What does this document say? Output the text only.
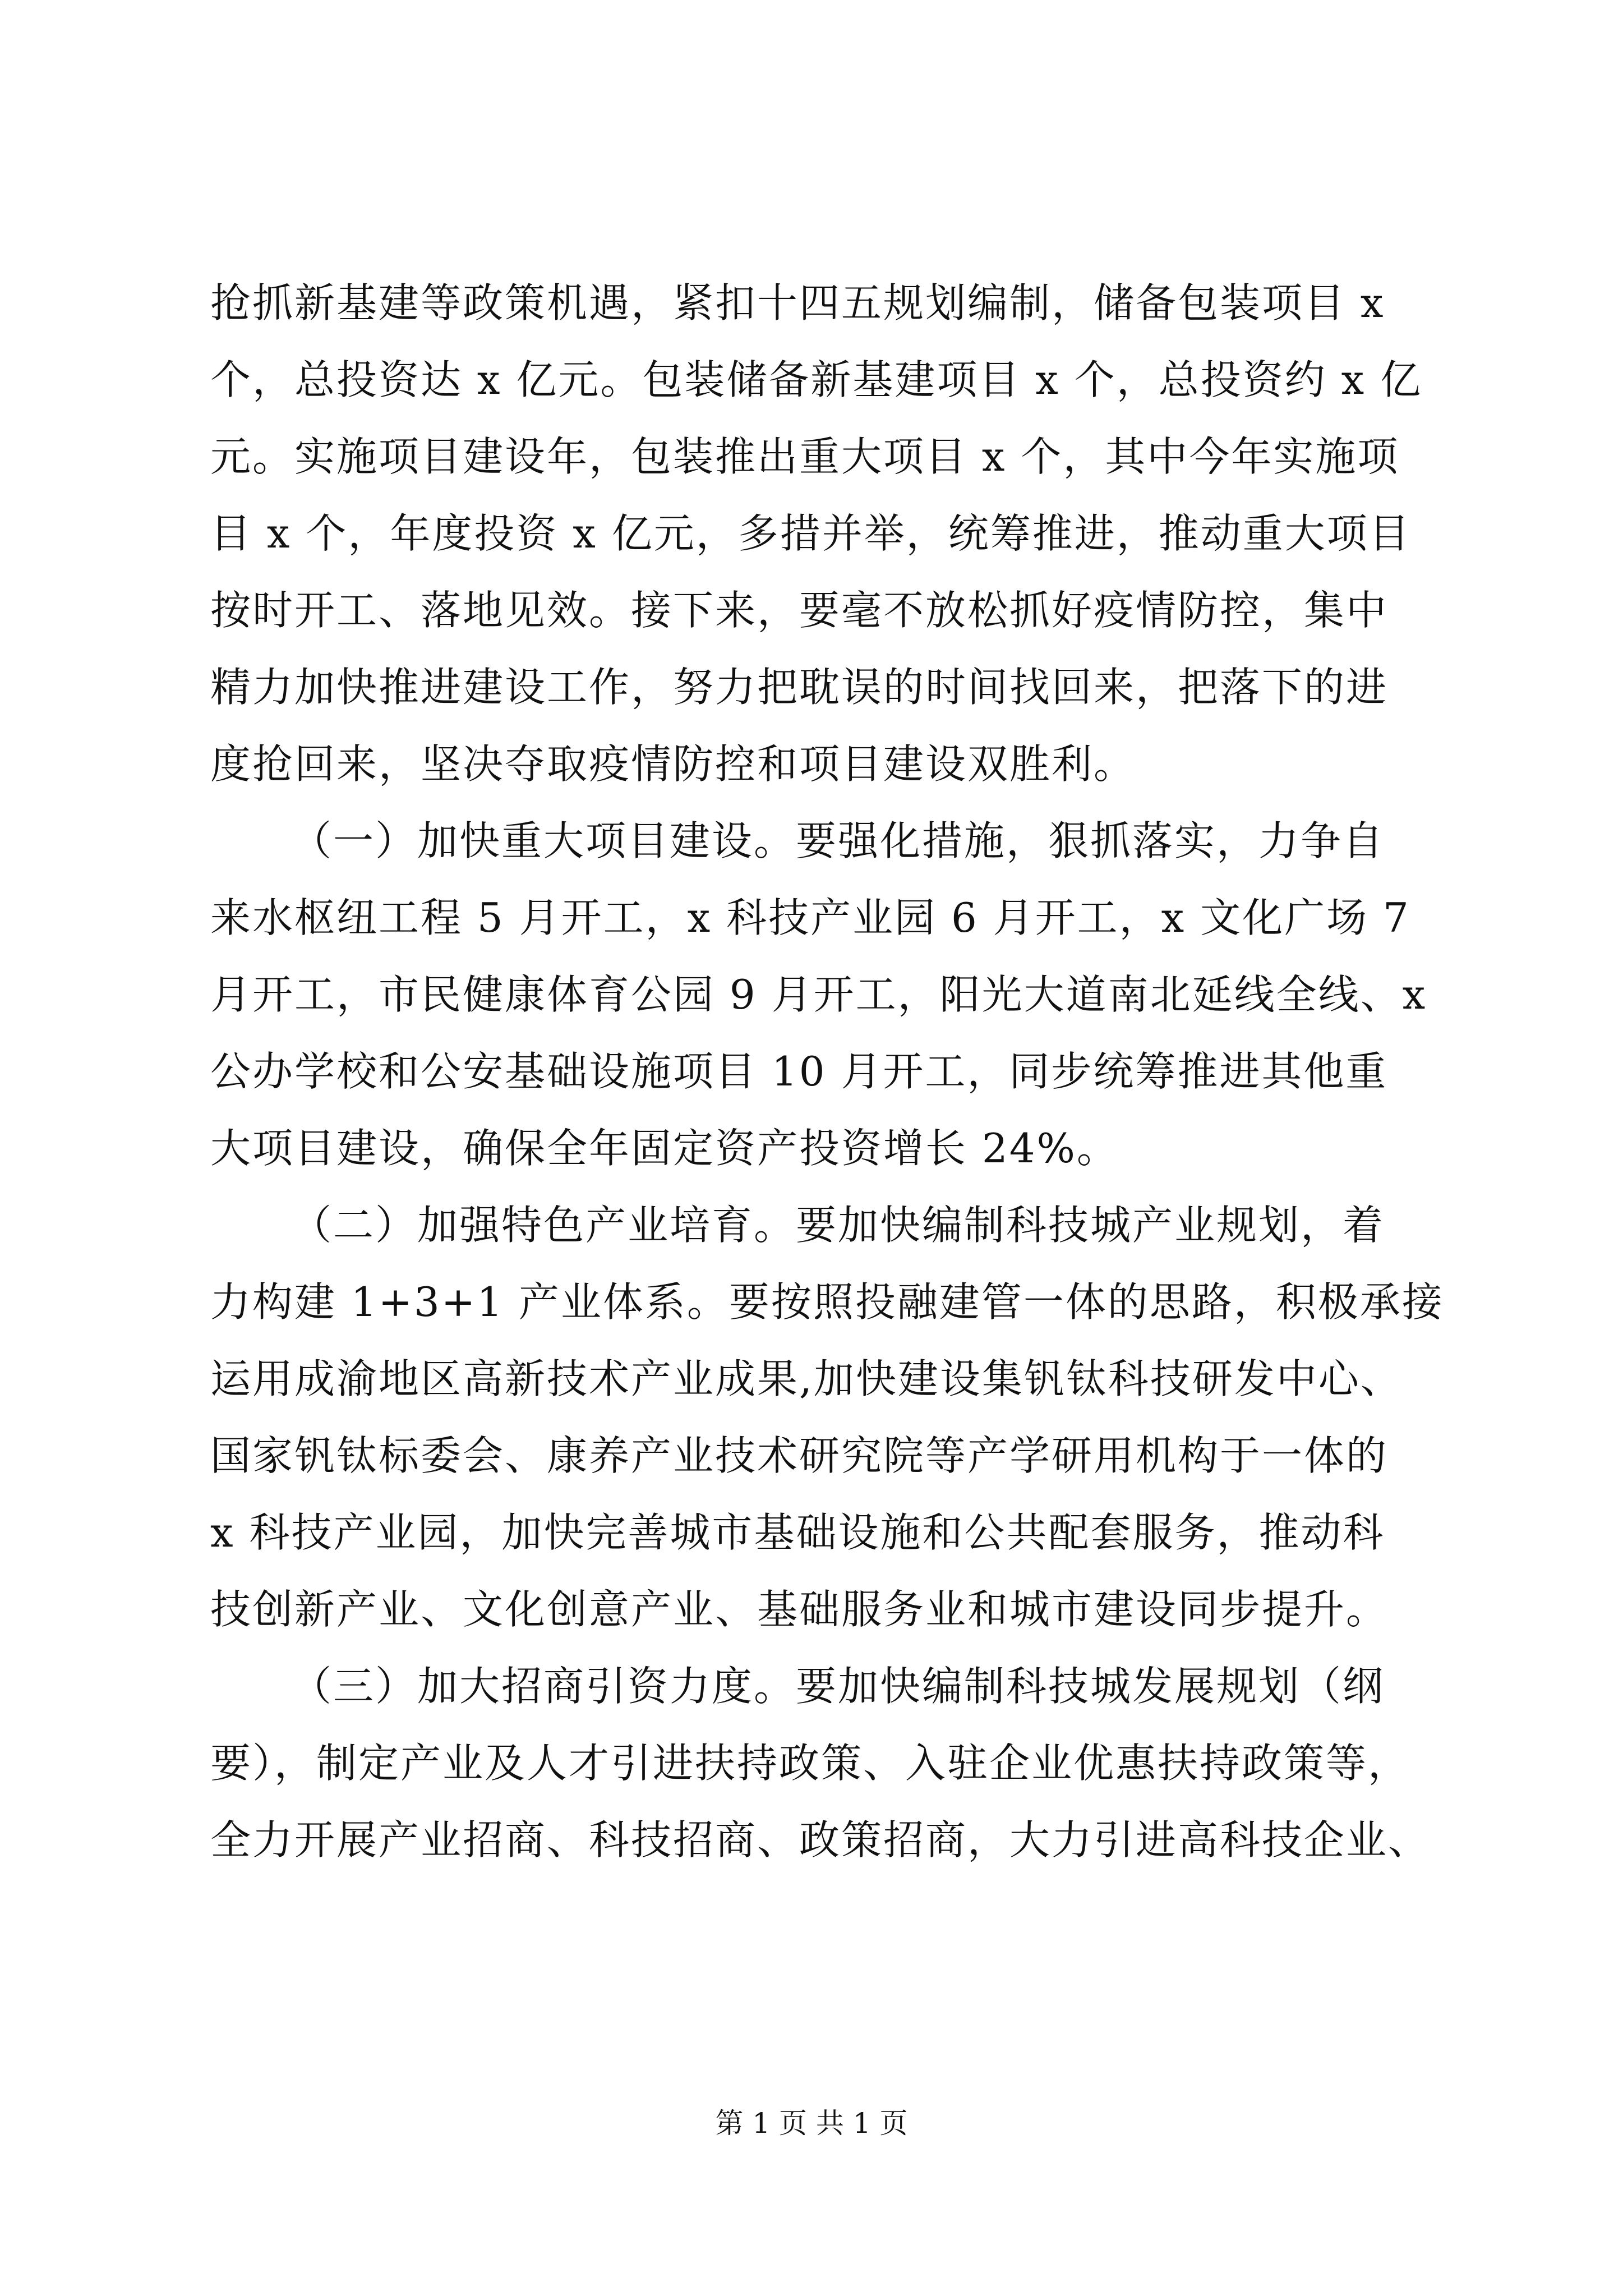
抢抓新基建等政策机遇，紧扣十四五规划编制，储备包装项目 x
个，总投资达 x 亿元。包装储备新基建项目 x 个，总投资约 x 亿
元。实施项目建设年，包装推出重大项目 x 个，其中今年实施项
目 x 个，年度投资 x 亿元，多措并举，统筹推进，推动重大项目
按时开工、落地见效。接下来，要毫不放松抓好疫情防控，集中
精力加快推进建设工作，努力把耽误的时间找回来，把落下的进
度抢回来，坚决夺取疫情防控和项目建设双胜利。
（一）加快重大项目建设。要强化措施，狠抓落实，力争自
来水枢纽工程 5 月开工，x 科技产业园 6 月开工，x 文化广场 7
月开工，市民健康体育公园 9 月开工，阳光大道南北延线全线、x
公办学校和公安基础设施项目 10 月开工，同步统筹推进其他重
大项目建设，确保全年固定资产投资增长 24%。
（二）加强特色产业培育。要加快编制科技城产业规划，着
力构建 1+3+1 产业体系。要按照投融建管一体的思路，积极承接
运用成渝地区高新技术产业成果,加快建设集钒钛科技研发中心、
国家钒钛标委会、康养产业技术研究院等产学研用机构于一体的
x 科技产业园，加快完善城市基础设施和公共配套服务，推动科
技创新产业、文化创意产业、基础服务业和城市建设同步提升。
（三）加大招商引资力度。要加快编制科技城发展规划（纲
要），制定产业及人才引进扶持政策、入驻企业优惠扶持政策等，
全力开展产业招商、科技招商、政策招商，大力引进高科技企业、
第 1 页 共 1 页
